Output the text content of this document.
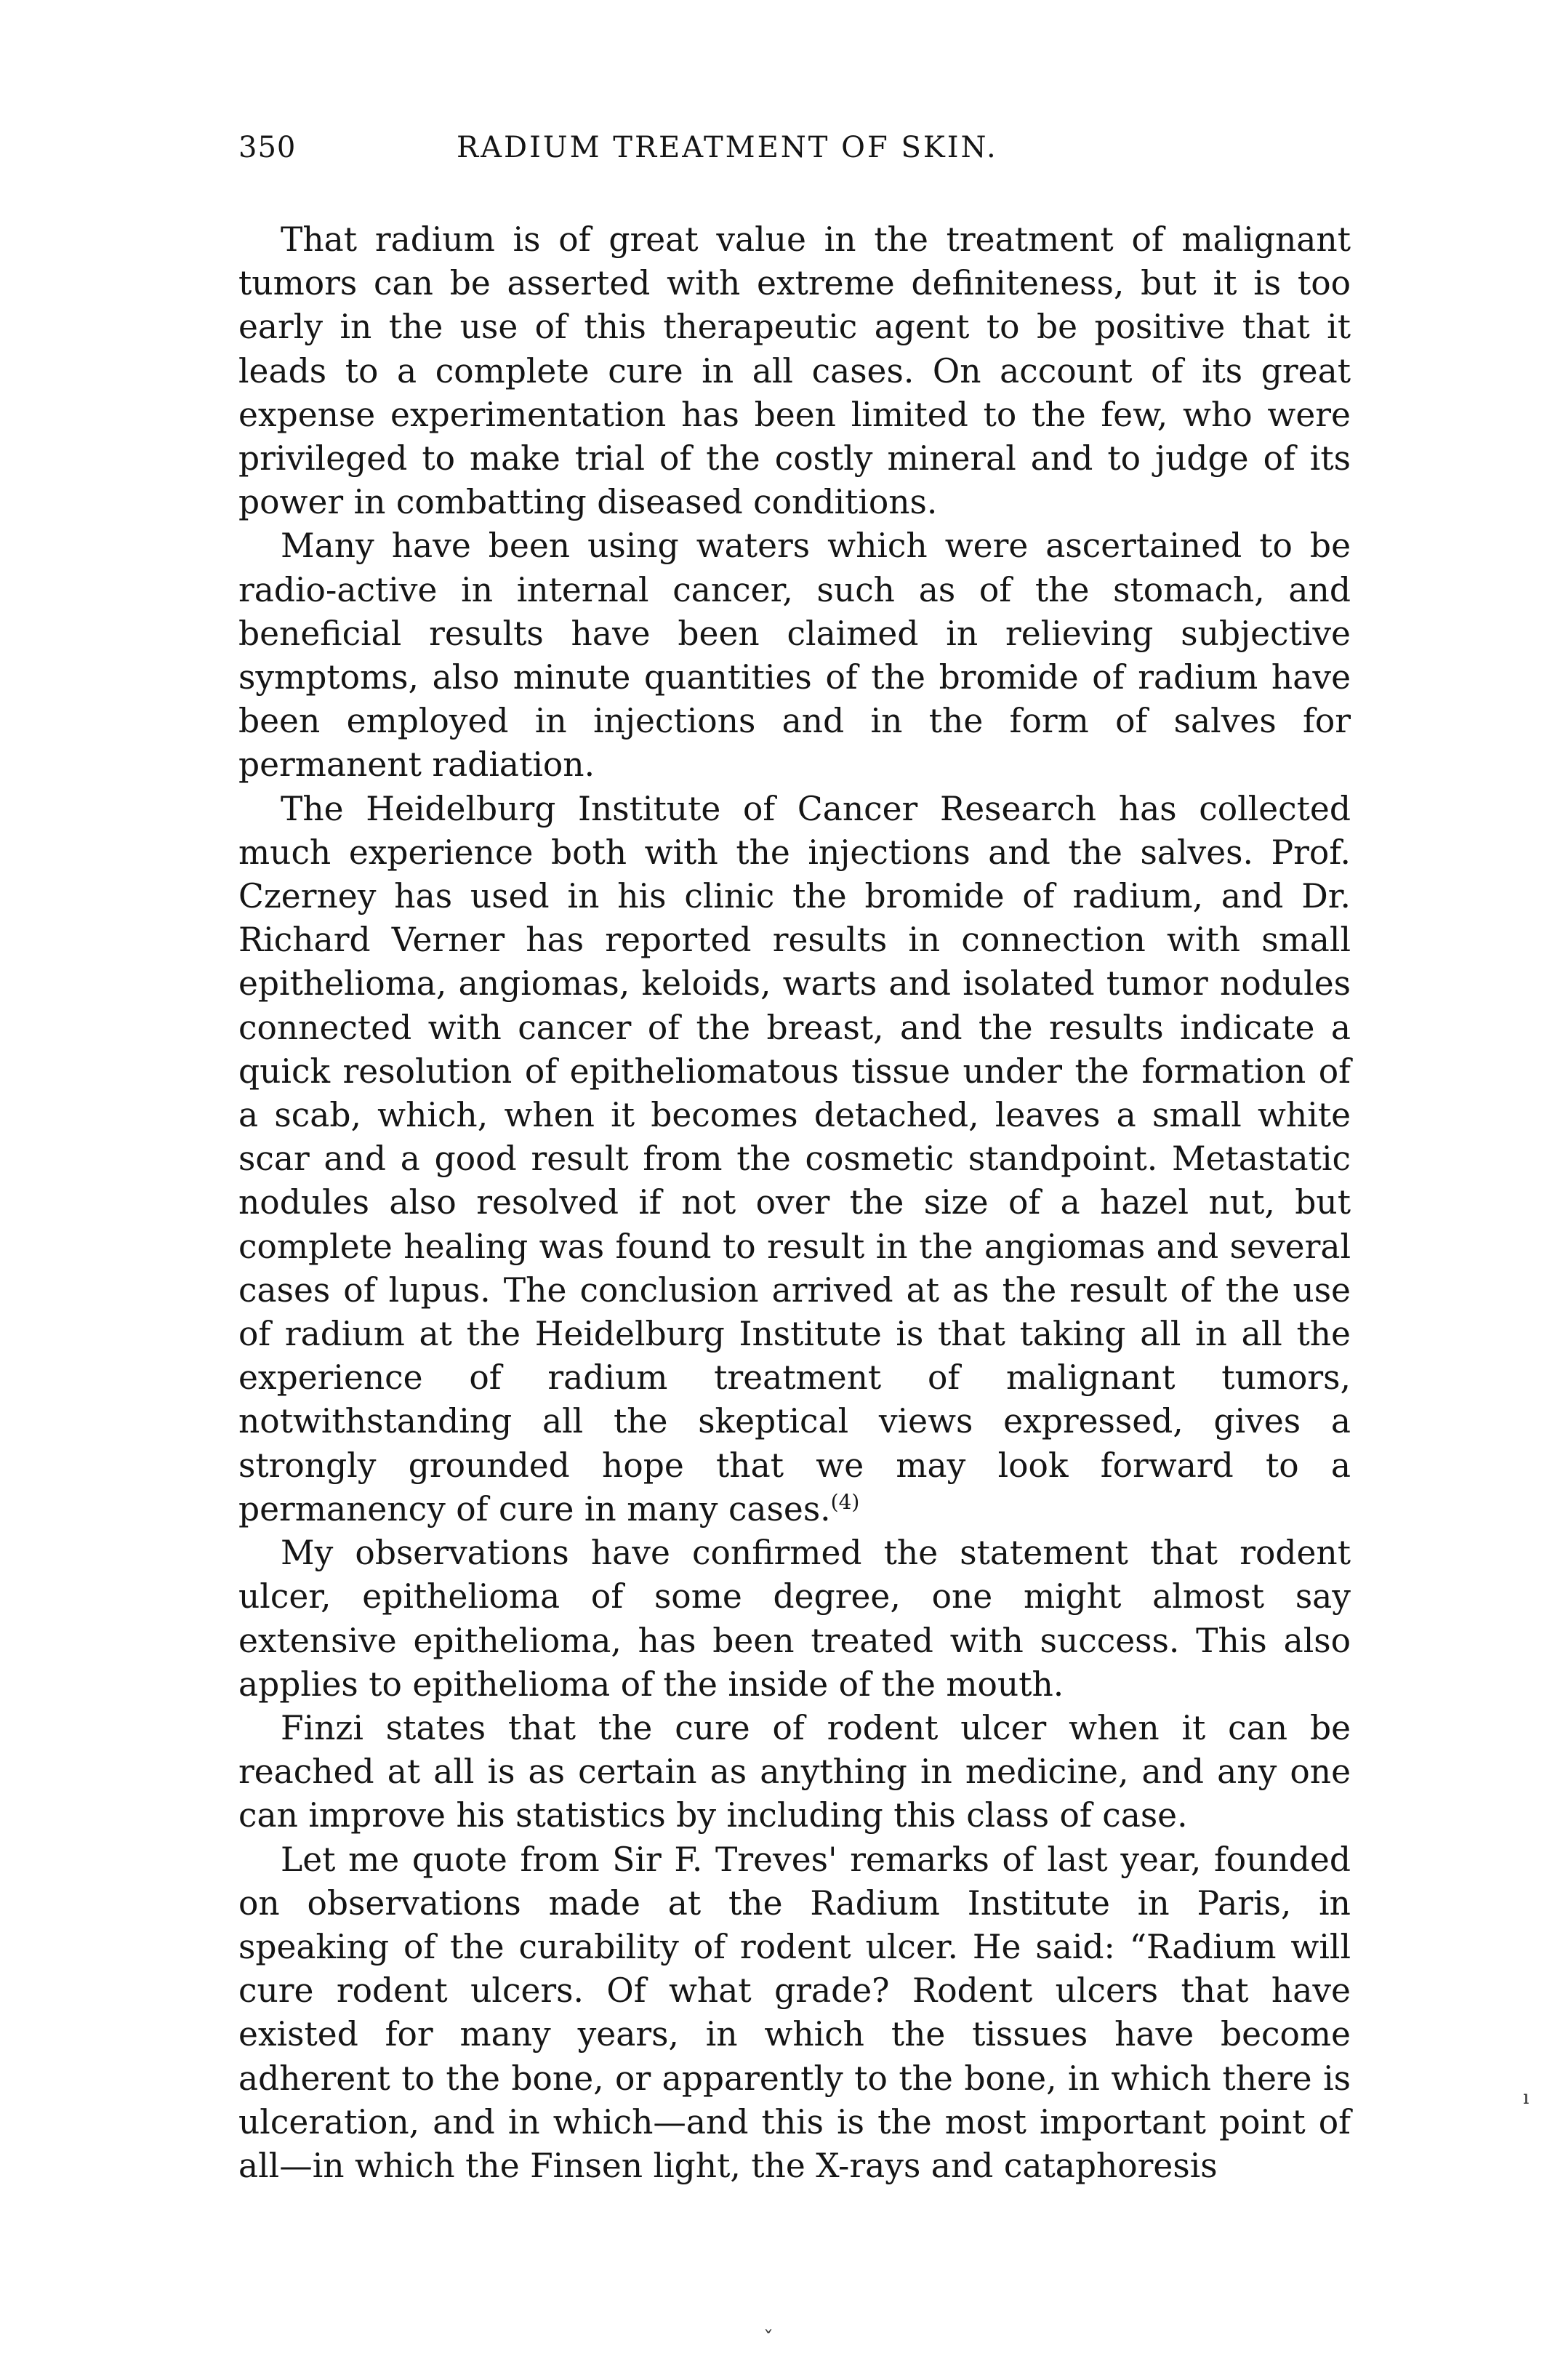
350	RADIUM TREATMENT OF SKIN.

That radium is of great value in the treatment of malignant tumors can be asserted with extreme definiteness, but it is too early in the use of this therapeutic agent to be positive that it leads to a complete cure in all cases. On account of its great expense experimentation has been limited to the few, who were privileged to make trial of the costly mineral and to judge of its power in combatting diseased conditions.

Many have been using waters which were ascertained to be radio-active in internal cancer, such as of the stomach, and beneficial results have been claimed in relieving subjective symptoms, also minute quantities of the bromide of radium have been employed in injections and in the form of salves for permanent radiation.

The Heidelburg Institute of Cancer Research has collected much experience both with the injections and the salves. Prof. Czerney has used in his clinic the bromide of radium, and Dr. Richard Verner has reported results in connection with small epithelioma, angiomas, keloids, warts and isolated tumor nodules connected with cancer of the breast, and the results indicate a quick resolution of epitheliomatous tissue under the formation of a scab, which, when it becomes detached, leaves a small white scar and a good result from the cosmetic standpoint. Metastatic nodules also resolved if not over the size of a hazel nut, but complete healing was found to result in the angiomas and several cases of lupus. The conclusion arrived at as the result of the use of radium at the Heidelburg Institute is that taking all in all the experience of radium treatment of malignant tumors, notwithstanding all the skeptical views expressed, gives a strongly grounded hope that we may look forward to a permanency of cure in many cases.$^{(4)}$

My observations have confirmed the statement that rodent ulcer, epithelioma of some degree, one might almost say extensive epithelioma, has been treated with success. This also applies to epithelioma of the inside of the mouth.

Finzi states that the cure of rodent ulcer when it can be reached at all is as certain as anything in medicine, and any one can improve his statistics by including this class of case.

Let me quote from Sir F. Treves' remarks of last year, founded on observations made at the Radium Institute in Paris, in speaking of the curability of rodent ulcer. He said: “Radium will cure rodent ulcers. Of what grade? Rodent ulcers that have existed for many years, in which the tissues have become adherent to the bone, or apparently to the bone, in which there is ulceration, and in which—and this is the most important point of all—in which the Finsen light, the X-rays and cataphoresis

ı
ˇ
